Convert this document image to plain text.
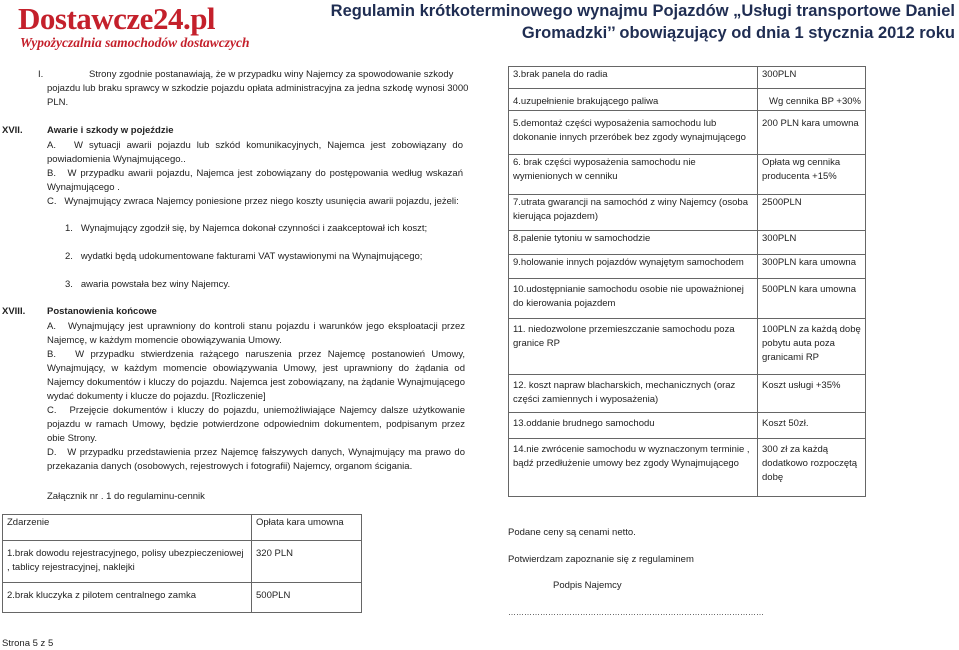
Dostawcze24.pl
Wypożyczalnia samochodów dostawczych
Regulamin krótkoterminowego wynajmu Pojazdów „Usługi transportowe Daniel
Gromadzki’’ obowiązujący od dnia 1 stycznia 2012 roku
I.	Strony zgodnie postanawiają, że w przypadku winy Najemcy za spowodowanie szkody pojazdu lub braku sprawcy w szkodzie pojazdu opłata administracyjna za jedna szkodę wynosi 3000 PLN.
XVII.	Awarie i szkody w pojeździe
A. W sytuacji awarii pojazdu lub szkód komunikacyjnych, Najemca jest zobowiązany do powiadomienia Wynajmującego..
B. W przypadku awarii pojazdu, Najemca jest zobowiązany do postępowania według wskazań Wynajmującego .
C. Wynajmujący zwraca Najemcy poniesione przez niego koszty usunięcia awarii pojazdu, jeżeli:
1. Wynajmujący zgodził się, by Najemca dokonał czynności i zaakceptował ich koszt;
2. wydatki będą udokumentowane fakturami VAT wystawionymi na Wynajmującego;
3. awaria powstała bez winy Najemcy.
XVIII. Postanowienia końcowe
A. Wynajmujący jest uprawniony do kontroli stanu pojazdu i warunków jego eksploatacji przez Najemcę, w każdym momencie obowiązywania Umowy.
B. W przypadku stwierdzenia rażącego naruszenia przez Najemcę postanowień Umowy, Wynajmujący, w każdym momencie obowiązywania Umowy, jest uprawniony do żądania od Najemcy dokumentów i kluczy do pojazdu. Najemca jest zobowiązany, na żądanie Wynajmującego wydać dokumenty i klucze do pojazdu. [Rozliczenie]
C. Przejęcie dokumentów i kluczy do pojazdu, uniemożliwiające Najemcy dalsze użytkowanie pojazdu w ramach Umowy, będzie potwierdzone odpowiednim dokumentem, podpisanym przez obie Strony.
D. W przypadku przedstawienia przez Najemcę fałszywych danych, Wynajmujący ma prawo do przekazania danych (osobowych, rejestrowych i fotografii) Najemcy, organom ścigania.
Załącznik nr . 1 do regulaminu-cennik
Zdarzenie	Opłata kara umowna
1.brak dowodu rejestracyjnego, polisy ubezpieczeniowej , tablicy rejestracyjnej, naklejki	320 PLN
2.brak kluczyka z pilotem centralnego zamka	500PLN
3.brak panela do radia	300PLN
4.uzupełnienie brakującego paliwa	Wg cennika BP +30%
5.demontaż części wyposażenia samochodu lub dokonanie innych przeróbek bez zgody wynajmującego	200 PLN kara umowna
6. brak części wyposażenia samochodu nie wymienionych w cenniku	Opłata wg cennika producenta +15%
7.utrata gwarancji na samochód z winy Najemcy (osoba kierująca pojazdem)	2500PLN
8.palenie tytoniu w samochodzie	300PLN
9.holowanie innych pojazdów wynajętym samochodem	300PLN kara umowna
10.udostępnianie samochodu osobie nie upoważnionej do kierowania pojazdem	500PLN kara umowna
11. niedozwolone przemieszczanie samochodu poza granice RP	100PLN za każdą dobę pobytu auta poza granicami RP
12. koszt napraw blacharskich, mechanicznych (oraz części zamiennych i wyposażenia)	Koszt usługi +35%
13.oddanie brudnego samochodu	Koszt 50zł.
14.nie zwrócenie samochodu w wyznaczonym terminie , bądź przedłużenie umowy bez zgody Wynajmującego	300 zł za każdą dodatkowo rozpoczętą dobę
Podane ceny są cenami netto.
Potwierdzam zapoznanie się z regulaminem
Podpis Najemcy
……………………………………………………………………………………
Strona 5 z 5
